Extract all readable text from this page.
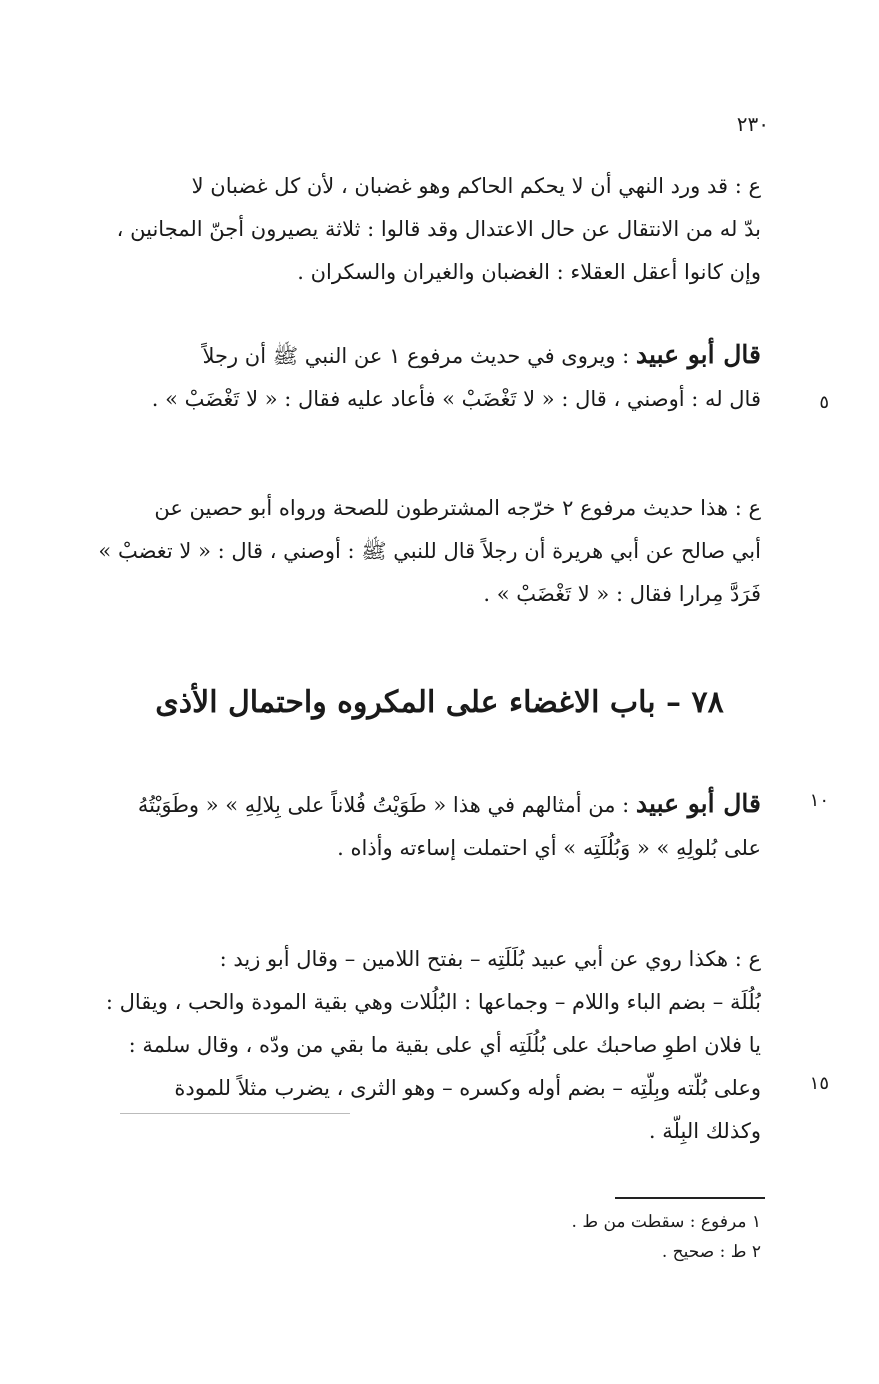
٢٣٠
ع : قد ورد النهي أن لا يحكم الحاكم وهو غضبان ، لأن كل غضبان لا
بدّ له من الانتقال عن حال الاعتدال وقد قالوا : ثلاثة يصيرون أجنّ المجانين ،
وإن كانوا أعقل العقلاء : الغضبان والغيران والسكران .
قال أبو عبيد : ويروى في حديث مرفوع ١ عن النبي ﷺ أن رجلاً
قال له : أوصني ، قال : « لا تَغْضَبْ » فأعاد عليه فقال : « لا تَغْضَبْ » .	٥
ع : هذا حديث مرفوع ٢ خرّجه المشترطون للصحة ورواه أبو حصين عن
أبي صالح عن أبي هريرة أن رجلاً قال للنبي ﷺ : أوصني ، قال : « لا تغضبْ »
فَرَدَّ مِرارا فقال : « لا تَغْضَبْ » .
٧٨ – باب الاغضاء على المكروه واحتمال الأذى
قال أبو عبيد : من أمثالهم في هذا « طَوَيْتُ فُلاناً على بِلالِهِ » « وطَوَيْتُهُ
على بُلولِهِ » « وَبُلُلَتِه » أي احتملت إساءته وأذاه .
١٠
ع : هكذا روي عن أبي عبيد بُلَلَتِه – بفتح اللامين – وقال أبو زيد :
بُلُلَة – بضم الباء واللام – وجماعها : البُلُلات وهي بقية المودة والحب ، ويقال :
يا فلان اطوِ صاحبك على بُلُلَتِه أي على بقية ما بقي من ودّه ، وقال سلمة :
وعلى بُلّته وبِلّتِه – بضم أوله وكسره – وهو الثرى ، يضرب مثلاً للمودة
وكذلك البِلّة .
١٥
١ مرفوع : سقطت من ط .
٢ ط : صحيح .
